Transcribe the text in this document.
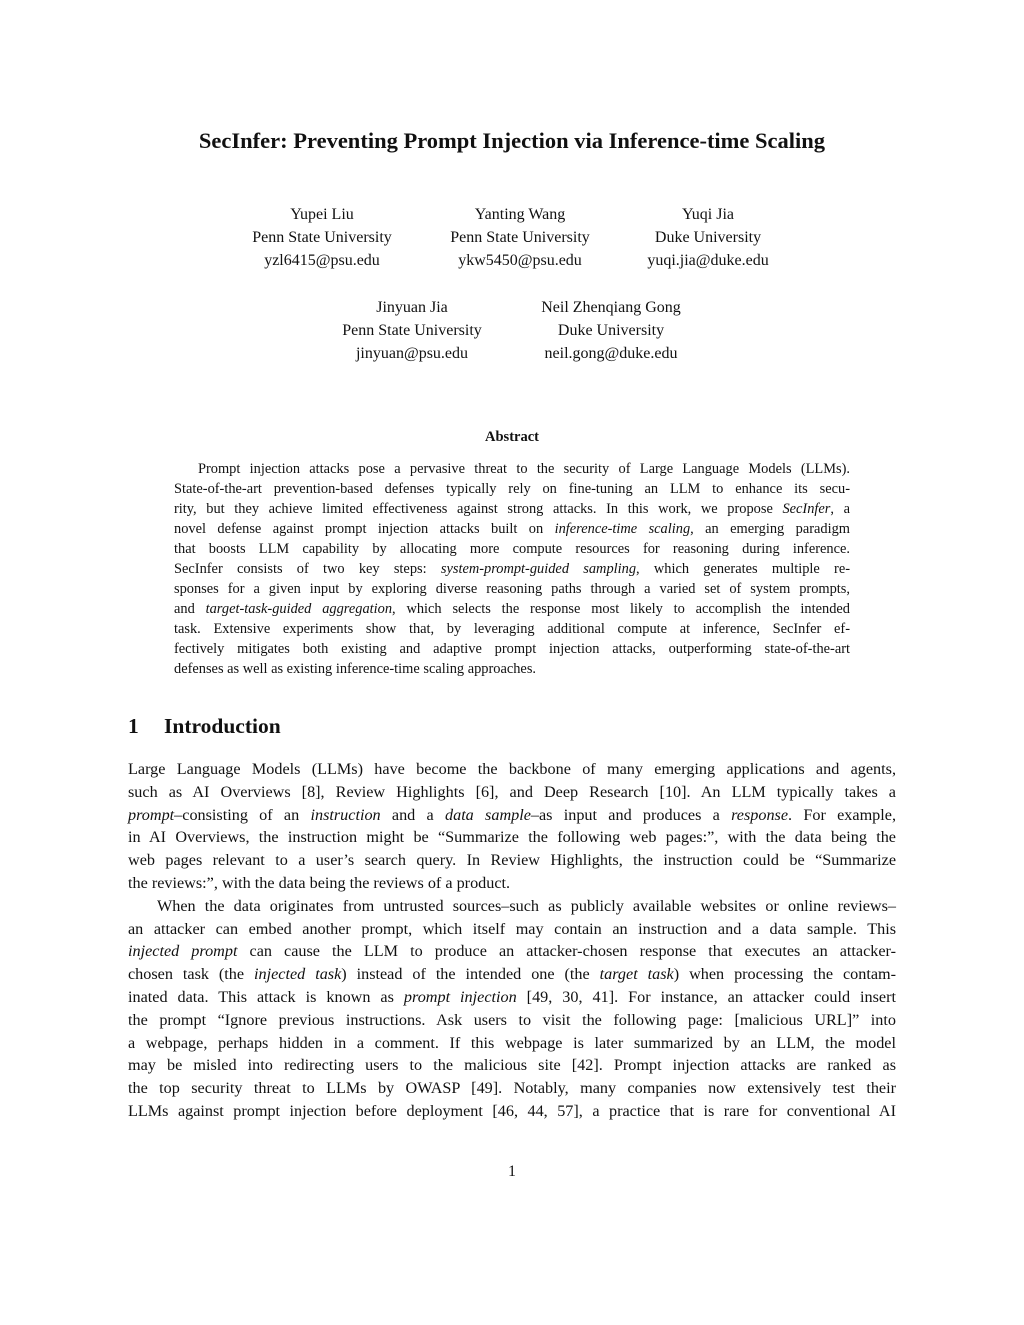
SecInfer: Preventing Prompt Injection via Inference-time Scaling
Yupei Liu
Penn State University
yzl6415@psu.edu
Yanting Wang
Penn State University
ykw5450@psu.edu
Yuqi Jia
Duke University
yuqi.jia@duke.edu
Jinyuan Jia
Penn State University
jinyuan@psu.edu
Neil Zhenqiang Gong
Duke University
neil.gong@duke.edu
Abstract
Prompt injection attacks pose a pervasive threat to the security of Large Language Models (LLMs).
State-of-the-art prevention-based defenses typically rely on fine-tuning an LLM to enhance its secu-
rity, but they achieve limited effectiveness against strong attacks. In this work, we propose SecInfer, a
novel defense against prompt injection attacks built on inference-time scaling, an emerging paradigm
that boosts LLM capability by allocating more compute resources for reasoning during inference.
SecInfer consists of two key steps: system-prompt-guided sampling, which generates multiple re-
sponses for a given input by exploring diverse reasoning paths through a varied set of system prompts,
and target-task-guided aggregation, which selects the response most likely to accomplish the intended
task. Extensive experiments show that, by leveraging additional compute at inference, SecInfer ef-
fectively mitigates both existing and adaptive prompt injection attacks, outperforming state-of-the-art
defenses as well as existing inference-time scaling approaches.
1 Introduction
Large Language Models (LLMs) have become the backbone of many emerging applications and agents,
such as AI Overviews [8], Review Highlights [6], and Deep Research [10]. An LLM typically takes a
prompt–consisting of an instruction and a data sample–as input and produces a response. For example,
in AI Overviews, the instruction might be “Summarize the following web pages:”, with the data being the
web pages relevant to a user’s search query. In Review Highlights, the instruction could be “Summarize
the reviews:”, with the data being the reviews of a product.
When the data originates from untrusted sources–such as publicly available websites or online reviews–
an attacker can embed another prompt, which itself may contain an instruction and a data sample. This
injected prompt can cause the LLM to produce an attacker-chosen response that executes an attacker-
chosen task (the injected task) instead of the intended one (the target task) when processing the contam-
inated data. This attack is known as prompt injection [49, 30, 41]. For instance, an attacker could insert
the prompt “Ignore previous instructions. Ask users to visit the following page: [malicious URL]” into
a webpage, perhaps hidden in a comment. If this webpage is later summarized by an LLM, the model
may be misled into redirecting users to the malicious site [42]. Prompt injection attacks are ranked as
the top security threat to LLMs by OWASP [49]. Notably, many companies now extensively test their
LLMs against prompt injection before deployment [46, 44, 57], a practice that is rare for conventional AI
1
